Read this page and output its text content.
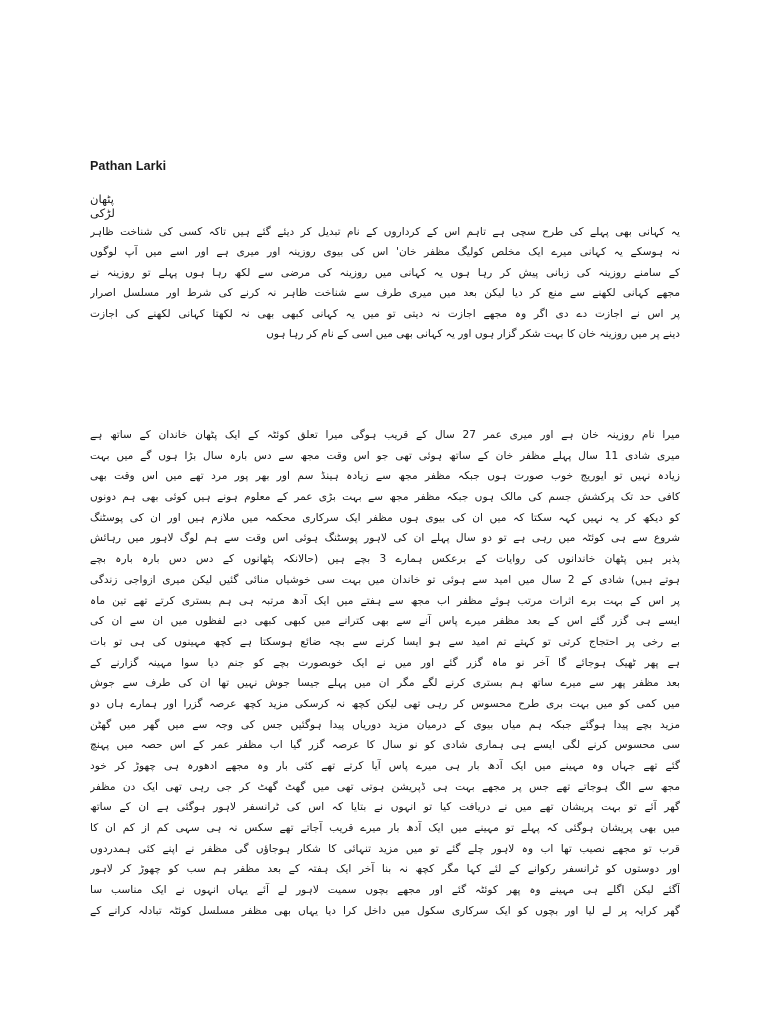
Pathan Larki
پٹھان لڑکی
یہ کہانی بھی پہلے کی طرح سچی ہے تاہم اس کے کرداروں کے نام تبدیل کر دیئے گئے ہیں تاکہ کسی کی شناخت ظاہر
نہ ہوسکے یہ کہانی میرے ایک مخلص کولیگ مظفر خان' اس کی بیوی روزینہ اور میری ہے اور اسے میں آپ لوگوں
کے سامنے روزینہ کی زبانی پیش کر رہا ہوں یہ کہانی میں روزینہ کی مرضی سے لکھ رہا ہوں پہلے تو روزینہ نے
مجھے کہانی لکھنے سے منع کر دیا لیکن بعد میں میری طرف سے شناخت ظاہر نہ کرنے کی شرط اور مسلسل اصرار
پر اس نے اجازت دے دی اگر وہ مجھے اجازت نہ دیتی تو میں یہ کہانی کبھی بھی نہ لکھتا کہانی لکھنے کی اجازت
دینے پر میں روزینہ خان کا بہت شکر گزار ہوں اور یہ کہانی بھی میں اسی کے نام کر رہا ہوں
میرا نام روزینہ خان ہے اور میری عمر 27 سال کے قریب ہوگی میرا تعلق کوئٹہ کے ایک پٹھان خاندان کے ساتھ ہے
میری شادی 11 سال پہلے مظفر خان کے ساتھ ہوئی تھی جو اس وقت مجھ سے دس بارہ سال بڑا ہوں گے میں بہت
زیادہ نہیں تو ایوریج خوب صورت ہوں جبکہ مظفر مجھ سے زیادہ ہینڈ سم اور بھر پور مرد تھے میں اس وقت بھی
کافی حد تک پرکشش جسم کی مالک ہوں جبکہ مظفر مجھ سے بہت بڑی عمر کے معلوم ہونے ہیں کوئی بھی ہم دونوں
کو دیکھ کر یہ نہیں کہہ سکتا کہ میں ان کی بیوی ہوں مظفر ایک سرکاری محکمہ میں ملازم ہیں اور ان کی پوسٹنگ
شروع سے ہی کوئٹہ میں رہی ہے تو دو سال پہلے ان کی لاہور پوسٹنگ ہوئی اس وقت سے ہم لوگ لاہور میں رہائش
پذیر ہیں پٹھان خاندانوں کی روایات کے برعکس ہمارے 3 بچے ہیں (حالانکہ پٹھانوں کے دس دس بارہ بارہ بچے
ہوتے ہیں) شادی کے 2 سال میں امید سے ہوئی تو خاندان میں بہت سی خوشیاں منائی گئیں لیکن میری ازواجی زندگی
پر اس کے بہت برے اثرات مرتب ہوئے مظفر اب مجھ سے ہفتے میں ایک آدھ مرتبہ ہی ہم بستری کرتے تھے تین ماہ
ایسے ہی گزر گئے اس کے بعد مظفر میرے پاس آنے سے بھی کترانے میں کبھی کبھی دبے لفظوں میں ان سے ان کی
بے رخی پر احتجاج کرتی تو کہتے تم امید سے ہو ایسا کرنے سے بچہ ضائع ہوسکتا ہے کچھ مہینوں کی ہی تو بات
ہے پھر ٹھیک ہوجائے گا آخر نو ماہ گزر گئے اور میں نے ایک خوبصورت بچے کو جنم دیا سوا مہینہ گزارنے کے
بعد مظفر پھر سے میرے ساتھ ہم بستری کرنے لگے مگر ان میں پہلے جیسا جوش نہیں تھا ان کی طرف سے جوش
میں کمی کو میں بہت بری طرح محسوس کر رہی تھی لیکن کچھ نہ کرسکی مزید کچھ عرصہ گزرا اور ہمارے ہاں دو
مزید بچے پیدا ہوگئے جبکہ ہم میاں بیوی کے درمیان مزید دوریاں پیدا ہوگئیں جس کی وجہ سے میں گھر میں گھٹن
سی محسوس کرنے لگی ایسے ہی ہماری شادی کو نو سال کا عرصہ گزر گیا اب مظفر عمر کے اس حصہ میں پہنچ
گئے تھے جہاں وہ مہینے میں ایک آدھ بار ہی میرے پاس آیا کرتے تھے کئی بار وہ مجھے ادھورہ ہی چھوڑ کر خود
مجھ سے الگ ہوجاتے تھے جس پر مجھے بہت ہی ڈپریشن ہوتی تھی میں گھٹ گھٹ کر جی رہی تھی ایک دن مظفر
گھر آئے تو بہت پریشان تھے میں نے دریافت کیا تو انہوں نے بتایا کہ اس کی ٹرانسفر لاہور ہوگئی ہے ان کے ساتھ
میں بھی پریشان ہوگئی کہ پہلے تو مہینے میں ایک آدھ بار میرے قریب آجاتے تھے سکس نہ ہی سہی کم از کم ان کا
قرب تو مجھے نصیب تھا اب وہ لاہور چلے گئے تو میں مزید تنہائی کا شکار ہوجاؤں گی مظفر نے اپنے کئی ہمدردوں
اور دوستوں کو ٹرانسفر رکوانے کے لئے کہا مگر کچھ نہ بنا آخر ایک ہفتہ کے بعد مظفر ہم سب کو چھوڑ کر لاہور
آگئے لیکن اگلے ہی مہینے وہ پھر کوئٹہ گئے اور مجھے بچوں سمیت لاہور لے آئے یہاں انہوں نے ایک مناسب سا
گھر کرایہ پر لے لیا اور بچوں کو ایک سرکاری سکول میں داخل کرا دیا یہاں بھی مظفر مسلسل کوئٹہ تبادلہ کرانے کے
